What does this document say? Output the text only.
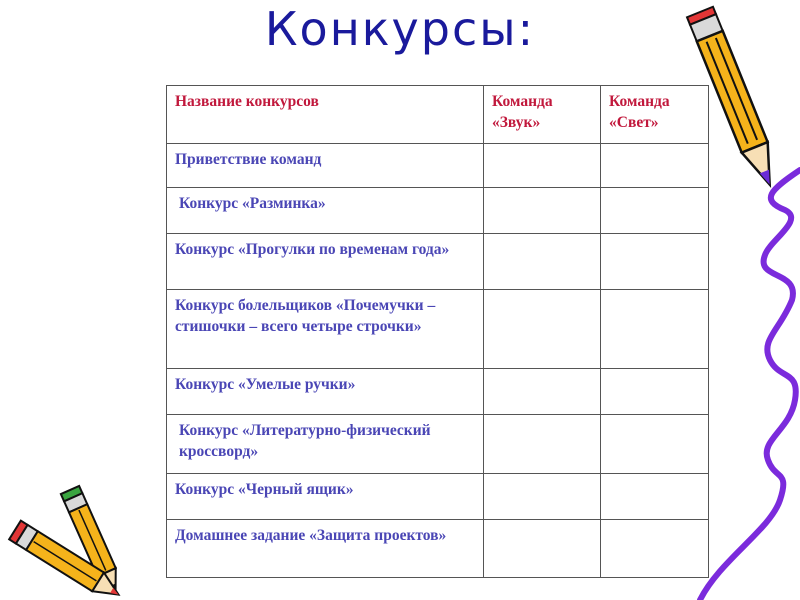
Конкурсы:
Название конкурсов	Команда «Звук»	Команда «Свет»
Приветствие команд		
Конкурс «Разминка»		
Конкурс «Прогулки по временам года»		
Конкурс болельщиков «Почемучки – стишочки – всего четыре строчки»		
Конкурс «Умелые ручки»		
Конкурс «Литературно-физический кроссворд»		
Конкурс «Черный ящик»		
Домашнее задание «Защита проектов»		
